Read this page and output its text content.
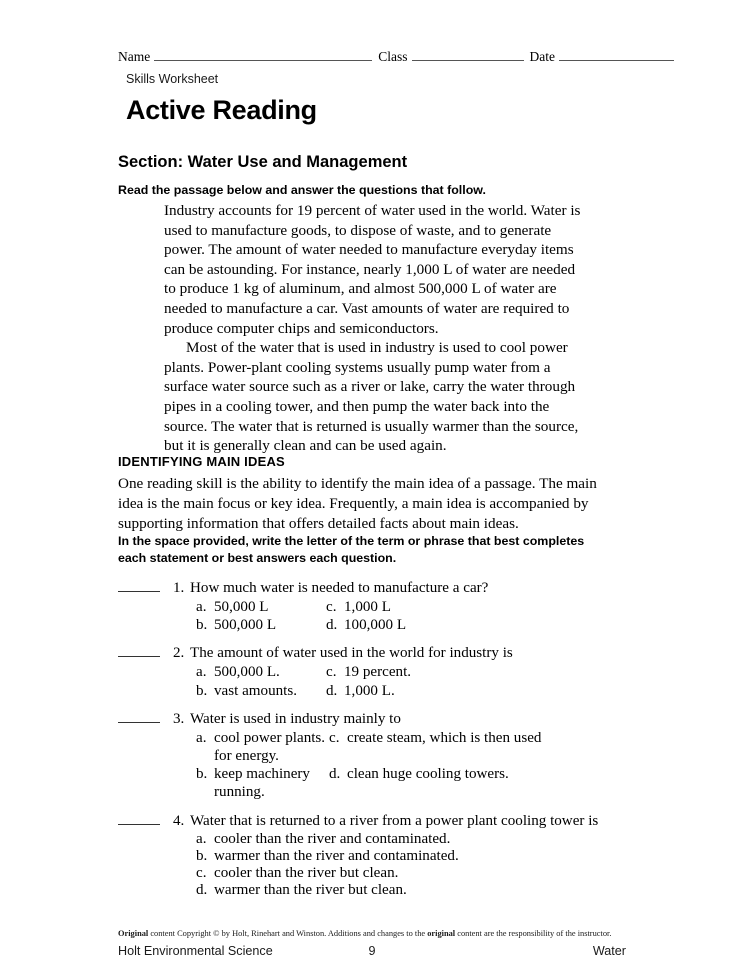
Name	Class	Date
Skills Worksheet
Active Reading
Section: Water Use and Management
Read the passage below and answer the questions that follow.

Industry accounts for 19 percent of water used in the world. Water is used to manufacture goods, to dispose of waste, and to generate power. The amount of water needed to manufacture everyday items can be astounding. For instance, nearly 1,000 L of water are needed to produce 1 kg of aluminum, and almost 500,000 L of water are needed to manufacture a car. Vast amounts of water are required to produce computer chips and semiconductors.

Most of the water that is used in industry is used to cool power plants. Power-plant cooling systems usually pump water from a surface water source such as a river or lake, carry the water through pipes in a cooling tower, and then pump the water back into the source. The water that is returned is usually warmer than the source, but it is generally clean and can be used again.

IDENTIFYING MAIN IDEAS
One reading skill is the ability to identify the main idea of a passage. The main idea is the main focus or key idea. Frequently, a main idea is accompanied by supporting information that offers detailed facts about main ideas.
In the space provided, write the letter of the term or phrase that best completes each statement or best answers each question.
1. How much water is needed to manufacture a car?
a. 50,000 L	c. 1,000 L
b. 500,000 L	d. 100,000 L
2. The amount of water used in the world for industry is
a. 500,000 L.	c. 19 percent.
b. vast amounts. d. 1,000 L.
3. Water is used in industry mainly to
a. cool power plants. c. create steam, which is then used
for energy.
b. keep machinery running.
d. clean huge cooling towers.
4. Water that is returned to a river from a power plant cooling tower is
a. cooler than the river and contaminated.
b. warmer than the river and contaminated.
c. cooler than the river but clean.
d. warmer than the river but clean.
Original content Copyright © by Holt, Rinehart and Winston. Additions and changes to the original content are the responsibility of the instructor.
Holt Environmental Science	9	Water
